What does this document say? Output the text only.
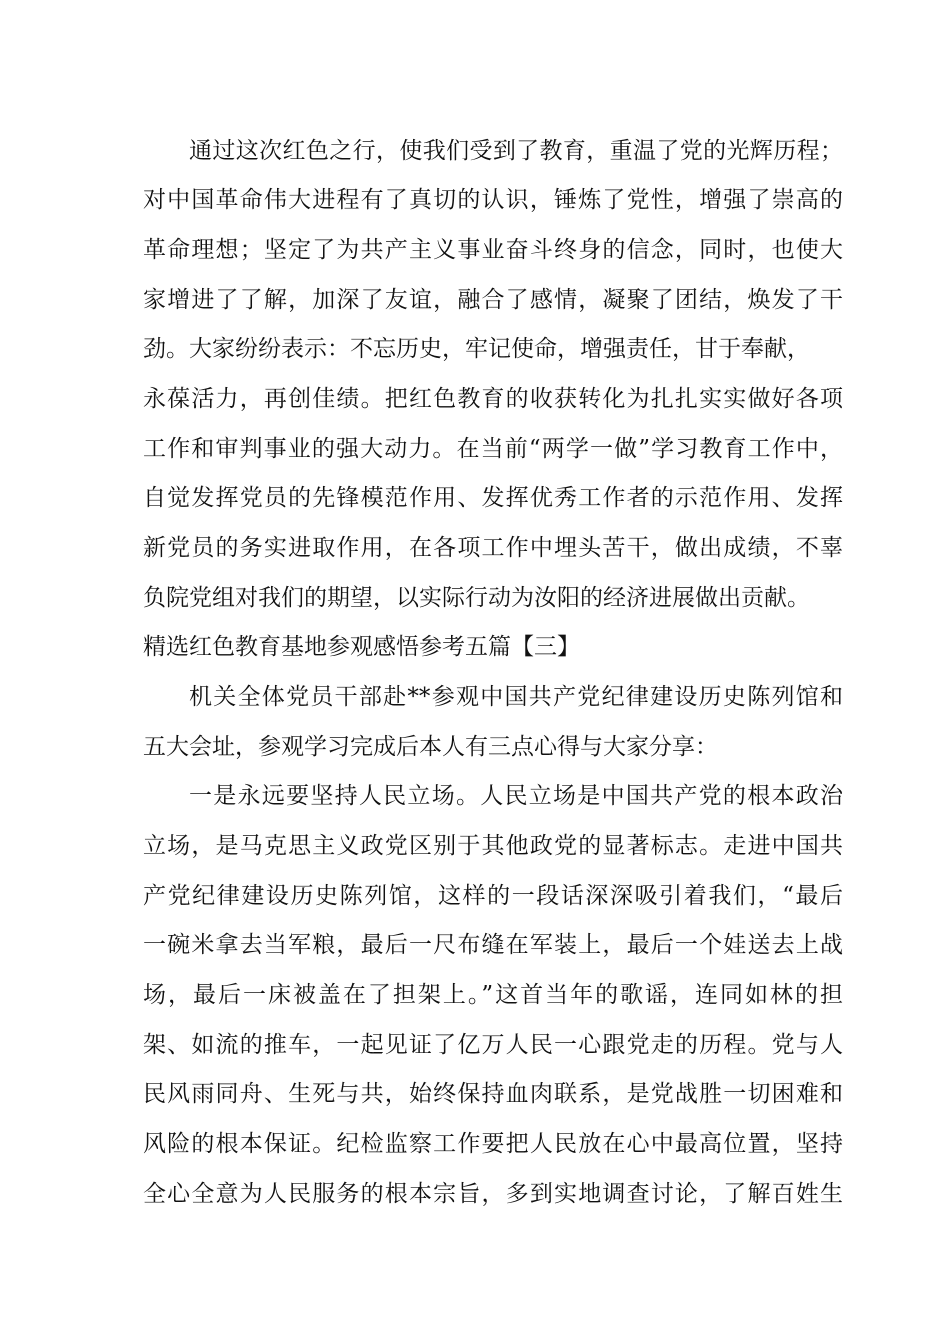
通过这次红色之行，使我们受到了教育，重温了党的光辉历程；
对中国革命伟大进程有了真切的认识，锤炼了党性，增强了崇高的
革命理想；坚定了为共产主义事业奋斗终身的信念，同时，也使大
家增进了了解，加深了友谊，融合了感情，凝聚了团结，焕发了干
劲。大家纷纷表示：不忘历史，牢记使命，增强责任，甘于奉献，
永葆活力，再创佳绩。把红色教育的收获转化为扎扎实实做好各项
工作和审判事业的强大动力。在当前“两学一做”学习教育工作中，
自觉发挥党员的先锋模范作用、发挥优秀工作者的示范作用、发挥
新党员的务实进取作用，在各项工作中埋头苦干，做出成绩，不辜
负院党组对我们的期望，以实际行动为汝阳的经济进展做出贡献。
精选红色教育基地参观感悟参考五篇【三】
机关全体党员干部赴**参观中国共产党纪律建设历史陈列馆和
五大会址，参观学习完成后本人有三点心得与大家分享：
一是永远要坚持人民立场。人民立场是中国共产党的根本政治
立场，是马克思主义政党区别于其他政党的显著标志。走进中国共
产党纪律建设历史陈列馆，这样的一段话深深吸引着我们，“最后
一碗米拿去当军粮，最后一尺布缝在军装上，最后一个娃送去上战
场，最后一床被盖在了担架上。”这首当年的歌谣，连同如林的担
架、如流的推车，一起见证了亿万人民一心跟党走的历程。党与人
民风雨同舟、生死与共，始终保持血肉联系，是党战胜一切困难和
风险的根本保证。纪检监察工作要把人民放在心中最高位置，坚持
全心全意为人民服务的根本宗旨，多到实地调查讨论，了解百姓生
